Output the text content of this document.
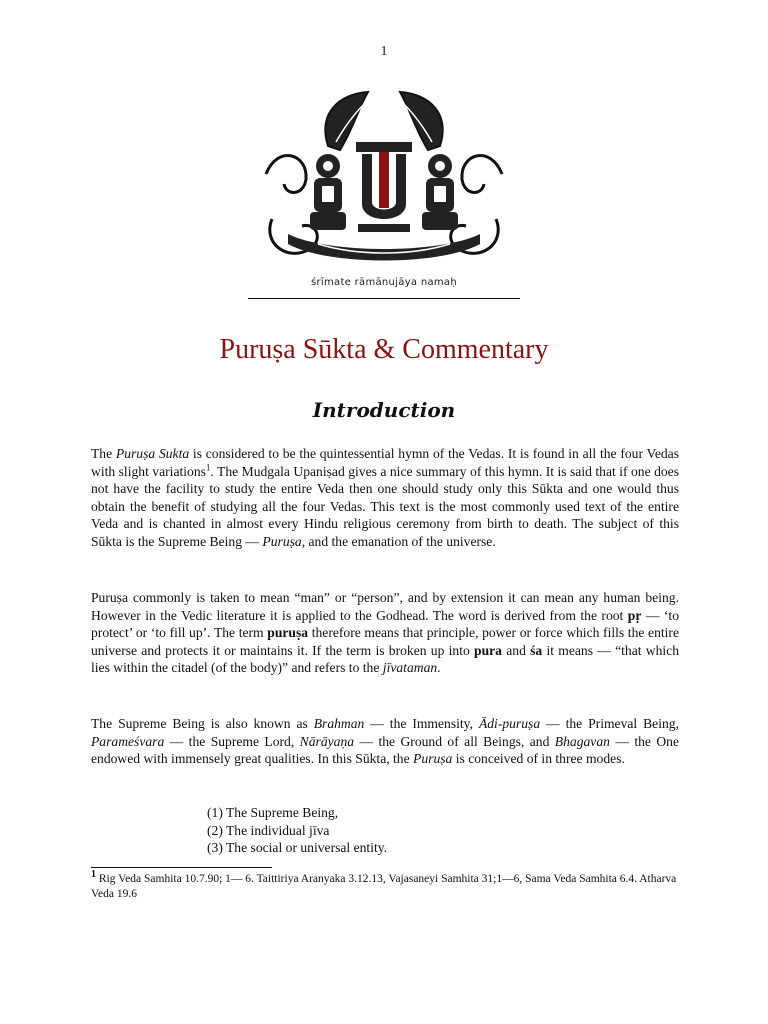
1
śrīmate rāmānujāya namaḥ
Puruṣa Sūkta & Commentary
Introduction

The Puruṣa Sukta is considered to be the quintessential hymn of the Vedas. It is found in all the four Vedas with slight variations$^1$. The Mudgala Upaniṣad gives a nice summary of this hymn. It is said that if one does not have the facility to study the entire Veda then one should study only this Sūkta and one would thus obtain the benefit of studying all the four Vedas. This text is the most commonly used text of the entire Veda and is chanted in almost every Hindu religious ceremony from birth to death. The subject of this Sūkta is the Supreme Being — Puruṣa, and the emanation of the universe.

Puruṣa commonly is taken to mean “man” or “person”, and by extension it can mean any human being. However in the Vedic literature it is applied to the Godhead. The word is derived from the root pṛ — ‘to protect’ or ‘to fill up’. The term puruṣa therefore means that principle, power or force which fills the entire universe and protects it or maintains it. If the term is broken up into pura and śa it means — “that which lies within the citadel (of the body)” and refers to the jīvataman.

The Supreme Being is also known as Brahman — the Immensity, Ādi-puruṣa — the Primeval Being, Parameśvara — the Supreme Lord, Nārāyaṇa — the Ground of all Beings, and Bhagavan — the One endowed with immensely great qualities. In this Sūkta, the Puruṣa is conceived of in three modes.

(1) The Supreme Being,
(2) The individual jīva
(3) The social or universal entity.

$^1$ Rig Veda Samhita 10.7.90; 1— 6. Taittiriya Aranyaka 3.12.13, Vajasaneyi Samhita 31;1—6, Sama Veda Samhita 6.4. Atharva Veda 19.6
